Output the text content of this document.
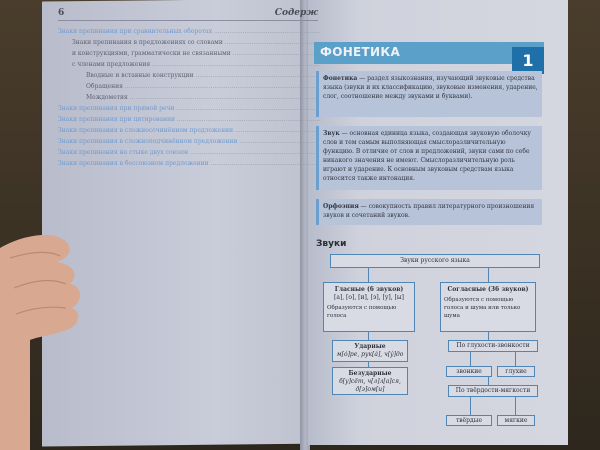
6	Содерж
Знаки препинания при сравнительных оборотах .....
Знаки препинания в предложениях со словами .....
и конструкциями, грамматически не связанными .....
с членами предложения .....
Вводные и вставные конструкции .....
Обращения .....
Междометия .....
Знаки препинания при прямой речи .....
Знаки препинания при цитировании .....
Знаки препинания в сложносочинённом предложении .....
Знаки препинания в сложноподчинённом предложении .....
Знаки препинания на стыке двух союзов .....
Знаки препинания в бессоюзном предложении .....
ФОНЕТИКА	1
Фонетика — раздел языкознания, изучающий звуковые средства языка (звуки и их классификацию, звуковые изменения, ударение, слог, соотношение между звуками и буквами).
Звук — основная единица языка, создающая звуковую оболочку слов и тем самым выполняющая смыслоразличительную функцию. В отличие от слов и предложений, звуки сами по себе никакого значения не имеют. Смыслоразличительную роль играют и ударение. К основным звуковым средствам языка относится также интонация.
Орфоэпия — совокупность правил литературного произношения звуков и сочетаний звуков.
Звуки
Звуки русского языка
Гласные (6 звуков)
[а], [о], [и], [э], [у], [ы]
Образуются с помощью голоса
Ударные
м[ó]ре, рук[á], ч[ý]до
Безударные
б[у]сёт, ч[л]л[а]ся, д[э]ом[и]
Согласные (36 звуков)
Образуются с помощью голоса и шума или только шума
По глухости-звонкости
звонкие	глухие
По твёрдости-мягкости
твёрдые	мягкие
